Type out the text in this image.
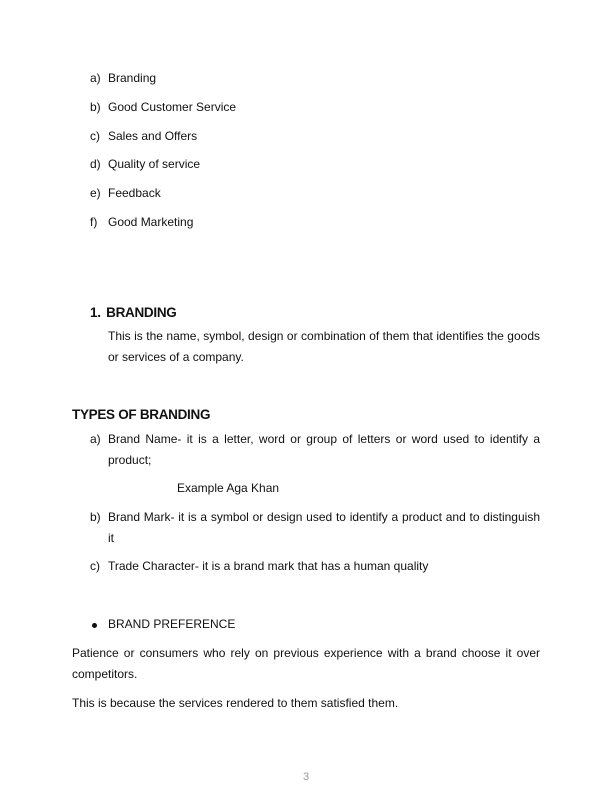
a) Branding
b) Good Customer Service
c) Sales and Offers
d) Quality of service
e) Feedback
f) Good Marketing
1. BRANDING
This is the name, symbol, design or combination of them that identifies the goods or services of a company.
TYPES OF BRANDING
a) Brand Name- it is a letter, word or group of letters or word used to identify a product;
Example Aga Khan
b) Brand Mark- it is a symbol or design used to identify a product and to distinguish it
c) Trade Character- it is a brand mark that has a human quality
BRAND PREFERENCE
Patience or consumers who rely on previous experience with a brand choose it over competitors.
This is because the services rendered to them satisfied them.
3
